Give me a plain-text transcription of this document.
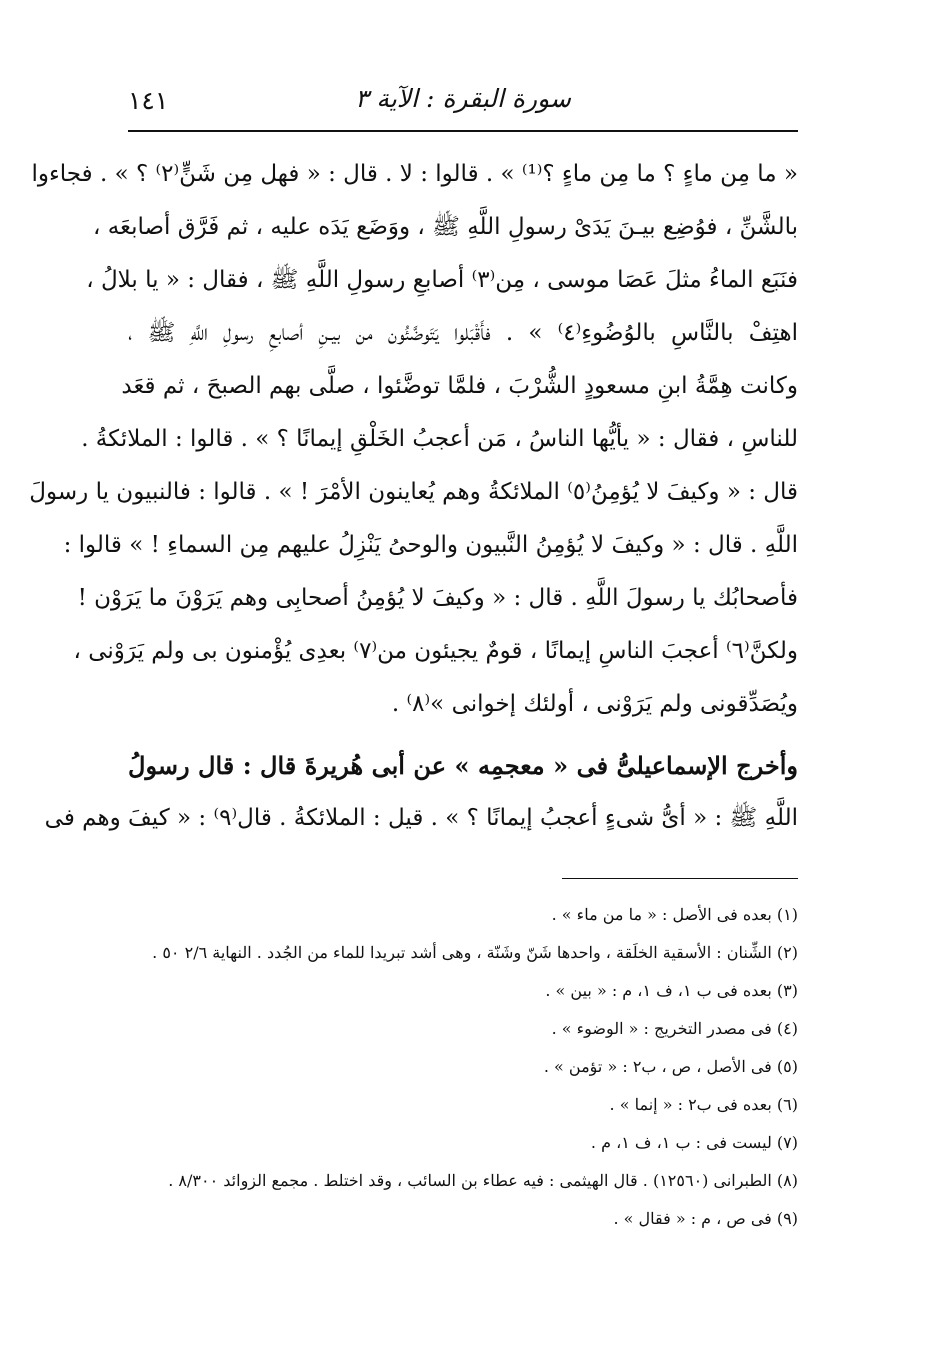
١٤١	سورة البقرة : الآية ٣
« ما مِن ماءٍ ؟ ما مِن ماءٍ ؟⁽¹⁾ » . قالوا : لا . قال : « فهل مِن شَنٍّ⁽٢⁾ ؟ » . فجاءوا
بالشَّنِّ ، فوُضِع بيـنَ يَدَىْ رسولِ اللَّهِ ﷺ ، ووَضَع يَدَه عليه ، ثم فَرَّق أصابعَه ،
فنَبَع الماءُ مثلَ عَصَا موسى ، مِن⁽٣⁾ أصابعِ رسولِ اللَّهِ ﷺ ، فقال : « يا بلالُ ،
اهتِفْ بالنَّاسِ بالوُضُوءِ⁽٤⁾ » . فأَقْبَلوا يَتَوضَّئُون من بيـنِ أصابعِ رسولِ اللَّهِ ﷺ ،
وكانت هِمَّةُ ابنِ مسعودٍ الشُّرْبَ ، فلمَّا توضَّئوا ، صلَّى بهم الصبحَ ، ثم قعَد
للناسِ ، فقال : « يأيُّها الناسُ ، مَن أعجبُ الخَلْقِ إيمانًا ؟ » . قالوا : الملائكةُ .
قال : « وكيفَ لا يُؤمِنُ⁽٥⁾ الملائكةُ وهم يُعاينون الأمْرَ ! » . قالوا : فالنبيون يا رسولَ
اللَّهِ . قال : « وكيفَ لا يُؤمِنُ النَّبيون والوحىُ يَنْزِلُ عليهم مِن السماءِ ! » قالوا :
فأصحابُك يا رسولَ اللَّهِ . قال : « وكيفَ لا يُؤمِنُ أصحابِى وهم يَرَوْنَ ما يَرَوْن !
ولكنَّ⁽٦⁾ أعجبَ الناسِ إيمانًا ، قومٌ يجيئون من⁽٧⁾ بعدِى يُؤْمنون بى ولم يَرَوْنى ،
ويُصَدِّقونى ولم يَرَوْنى ، أولئك إخوانى »⁽٨⁾ .
وأخرج الإسماعيلىُّ فى « معجمِه » عن أبى هُريرةَ قال : قال رسولُ
اللَّهِ ﷺ : « أىُّ شىءٍ أعجبُ إيمانًا ؟ » . قيل : الملائكةُ . قال⁽٩⁾ : « كيفَ وهم فى
(١) بعده فى الأصل : « ما من ماء » .
(٢) الشِّنان : الأسقية الخلَقة ، واحدها شَنّ وشَنّة ، وهى أشد تبريدا للماء من الجُدد . النهاية ٢/٦ ٥٠ .
(٣) بعده فى ب ١، ف ١، م : « بين » .
(٤) فى مصدر التخريج : « الوضوء » .
(٥) فى الأصل ، ص ، ب٢ : « تؤمن » .
(٦) بعده فى ب٢ : « إنما » .
(٧) ليست فى : ب ١، ف ١، م .
(٨) الطبرانى (١٢٥٦٠) . قال الهيثمى : فيه عطاء بن السائب ، وقد اختلط . مجمع الزوائد ٨/٣٠٠ .
(٩) فى ص ، م : « فقال » .
